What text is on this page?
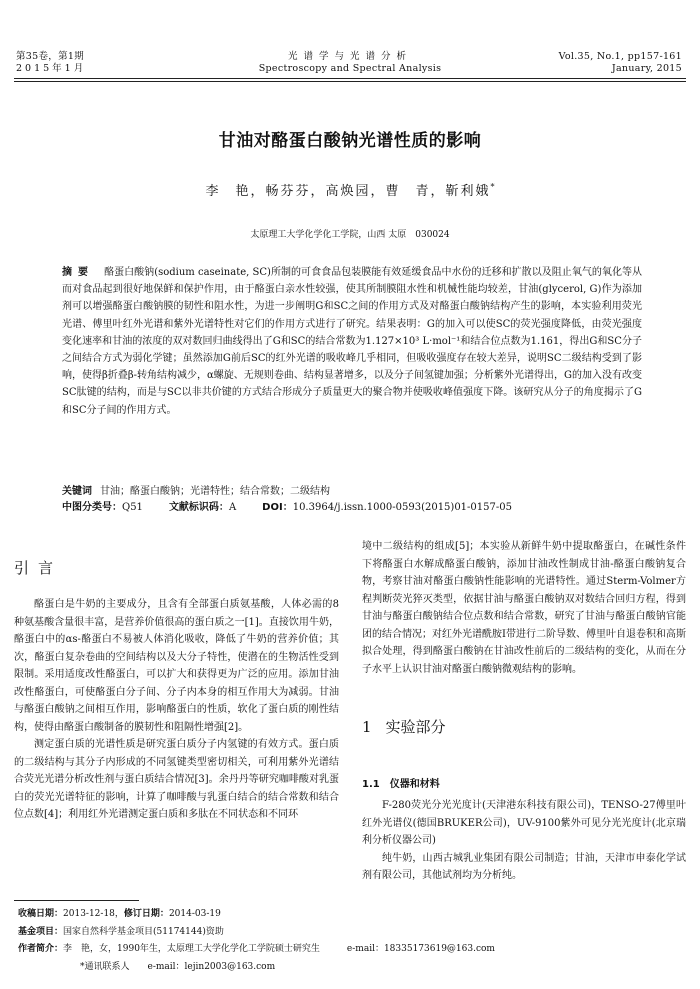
第35卷，第1期
2015年1月
光谱学与光谱分析
Spectroscopy and Spectral Analysis
Vol.35, No.1, pp157-161
January, 2015
甘油对酪蛋白酸钠光谱性质的影响
李　艳，畅芬芬，高焕园，曹　青，靳利娥*
太原理工大学化学化工学院，山西 太原　030024
摘要 酪蛋白酸钠(sodium caseinate, SC)所制的可食食品包装膜能有效延缓食品中水份的迁移和扩散以及阻止氧气的氧化等从而对食品起到很好地保鲜和保护作用，由于酪蛋白亲水性较强，使其所制膜阻水性和机械性能均较差，甘油(glycerol, G)作为添加剂可以增强酪蛋白酸钠膜的韧性和阻水性，为进一步阐明G和SC之间的作用方式及对酪蛋白酸钠结构产生的影响，本实验利用荧光光谱、傅里叶红外光谱和紫外光谱特性对它们的作用方式进行了研究。结果表明：G的加入可以使SC的荧光强度降低，由荧光强度变化速率和甘油的浓度的双对数回归曲线得出了G和SC的结合常数为1.127×10³ L·mol⁻¹和结合位点数为1.161，得出G和SC分子之间结合方式为弱化学键；虽然添加G前后SC的红外光谱的吸收峰几乎相同，但吸收强度存在较大差异，说明SC二级结构受到了影响，使得β折叠β-转角结构减少，α螺旋、无规则卷曲、结构显著增多，以及分子间氢键加强；分析紫外光谱得出，G的加入没有改变SC肽键的结构，而是与SC以非共价键的方式结合形成分子质量更大的聚合物并使吸收峰值强度下降。该研究从分子的角度揭示了G和SC分子间的作用方式。
关键词 甘油；酪蛋白酸钠；光谱特性；结合常数；二级结构
中图分类号：Q51	文献标识码：A	DOI：10.3964/j.issn.1000-0593(2015)01-0157-05
引言
酪蛋白是牛奶的主要成分，且含有全部蛋白质氨基酸，人体必需的8种氨基酸含量很丰富，是营养价值很高的蛋白质之一[1]。直接饮用牛奶，酪蛋白中的αs-酪蛋白不易被人体消化吸收，降低了牛奶的营养价值；其次，酪蛋白复杂卷曲的空间结构以及大分子特性，使潜在的生物活性受到限制。采用适度改性酪蛋白，可以扩大和获得更为广泛的应用。添加甘油改性酪蛋白，可使酪蛋白分子间、分子内本身的相互作用大为减弱。甘油与酪蛋白酸钠之间相互作用，影响酪蛋白的性质，软化了蛋白质的刚性结构，使得由酪蛋白酸制备的膜韧性和阻隔性增强[2]。
测定蛋白质的光谱性质是研究蛋白质分子内氢键的有效方式。蛋白质的二级结构与其分子内形成的不同氢键类型密切相关，可利用紫外光谱结合荧光光谱分析改性剂与蛋白质结合情况[3]。余丹丹等研究咖啡酸对乳蛋白的荧光光谱特征的影响，计算了咖啡酸与乳蛋白结合的结合常数和结合位点数[4]；利用红外光谱测定蛋白质和多肽在不同状态和不同环
境中二级结构的组成[5]；本实验从新鲜牛奶中提取酪蛋白，在碱性条件下将酪蛋白水解成酪蛋白酸钠，添加甘油改性制成甘油-酪蛋白酸钠复合物，考察甘油对酪蛋白酸钠性能影响的光谱特性。通过Sterm-Volmer方程判断荧光猝灭类型，依据甘油与酪蛋白酸钠双对数结合回归方程，得到甘油与酪蛋白酸钠结合位点数和结合常数，研究了甘油与酪蛋白酸钠官能团的结合情况；对红外光谱酰胺Ⅰ带进行二阶导数、傅里叶自退卷积和高斯拟合处理，得到酪蛋白酸钠在甘油改性前后的二级结构的变化，从而在分子水平上认识甘油对酪蛋白酸钠微观结构的影响。
1 实验部分
1.1 仪器和材料
F-280荧光分光光度计(天津港东科技有限公司)，TENSO-27傅里叶红外光谱仪(德国BRUKER公司)，UV-9100紫外可见分光光度计(北京瑞利分析仪器公司)
纯牛奶，山西古城乳业集团有限公司制造；甘油，天津市申泰化学试剂有限公司，其他试剂均为分析纯。
收稿日期：2013-12-18，修订日期：2014-03-19
基金项目：国家自然科学基金项目(51174144)资助
作者简介：李　艳，女，1990年生，太原理工大学化学化工学院硕士研究生　　　e-mail：18335173619@163.com
*通讯联系人　　e-mail：lejin2003@163.com
